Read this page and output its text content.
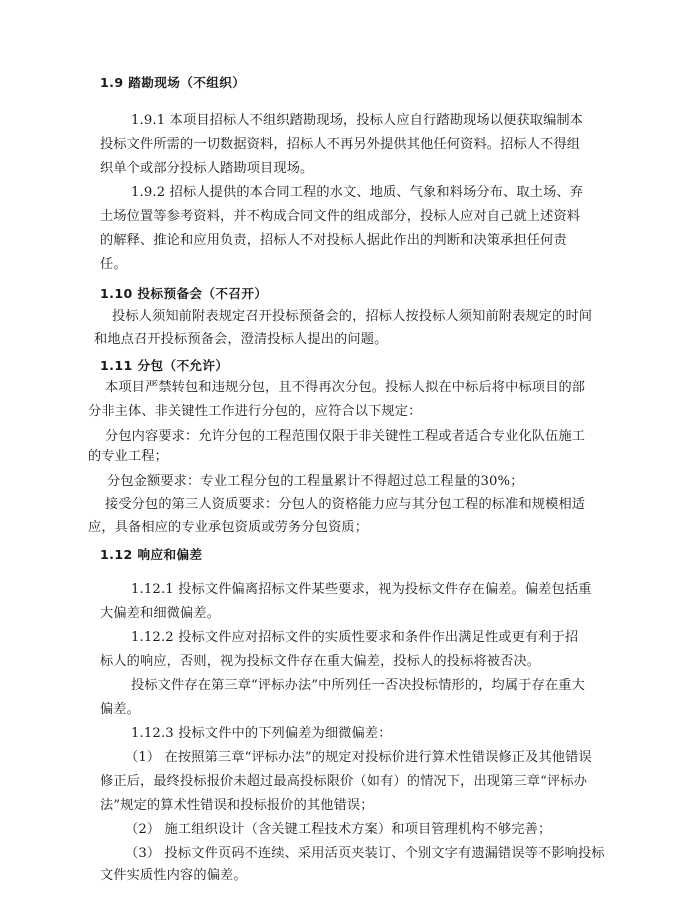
1.9 踏勘现场（不组织）
1.9.1 本项目招标人不组织踏勘现场，投标人应自行踏勘现场以便获取编制本
投标文件所需的一切数据资料，招标人不再另外提供其他任何资料。招标人不得组
织单个或部分投标人踏勘项目现场。
1.9.2 招标人提供的本合同工程的水文、地质、气象和料场分布、取土场、弃
土场位置等参考资料，并不构成合同文件的组成部分，投标人应对自己就上述资料
的解释、推论和应用负责，招标人不对投标人据此作出的判断和决策承担任何责
任。
1.10 投标预备会（不召开）
投标人须知前附表规定召开投标预备会的，招标人按投标人须知前附表规定的时间
和地点召开投标预备会，澄清投标人提出的问题。
1.11 分包（不允许）
本项目严禁转包和违规分包，且不得再次分包。投标人拟在中标后将中标项目的部
分非主体、非关键性工作进行分包的，应符合以下规定：
分包内容要求：允许分包的工程范围仅限于非关键性工程或者适合专业化队伍施工
的专业工程；
分包金额要求：专业工程分包的工程量累计不得超过总工程量的30%；
接受分包的第三人资质要求：分包人的资格能力应与其分包工程的标准和规模相适
应，具备相应的专业承包资质或劳务分包资质；
1.12 响应和偏差
1.12.1 投标文件偏离招标文件某些要求，视为投标文件存在偏差。偏差包括重
大偏差和细微偏差。
1.12.2 投标文件应对招标文件的实质性要求和条件作出满足性或更有利于招
标人的响应，否则，视为投标文件存在重大偏差，投标人的投标将被否决。
投标文件存在第三章“评标办法”中所列任一否决投标情形的，均属于存在重大
偏差。
1.12.3 投标文件中的下列偏差为细微偏差：
（1） 在按照第三章“评标办法”的规定对投标价进行算术性错误修正及其他错误
修正后，最终投标报价未超过最高投标限价（如有）的情况下，出现第三章“评标办
法”规定的算术性错误和投标报价的其他错误；
（2） 施工组织设计（含关键工程技术方案）和项目管理机构不够完善；
（3） 投标文件页码不连续、采用活页夹装订、个别文字有遗漏错误等不影响投标
文件实质性内容的偏差。
